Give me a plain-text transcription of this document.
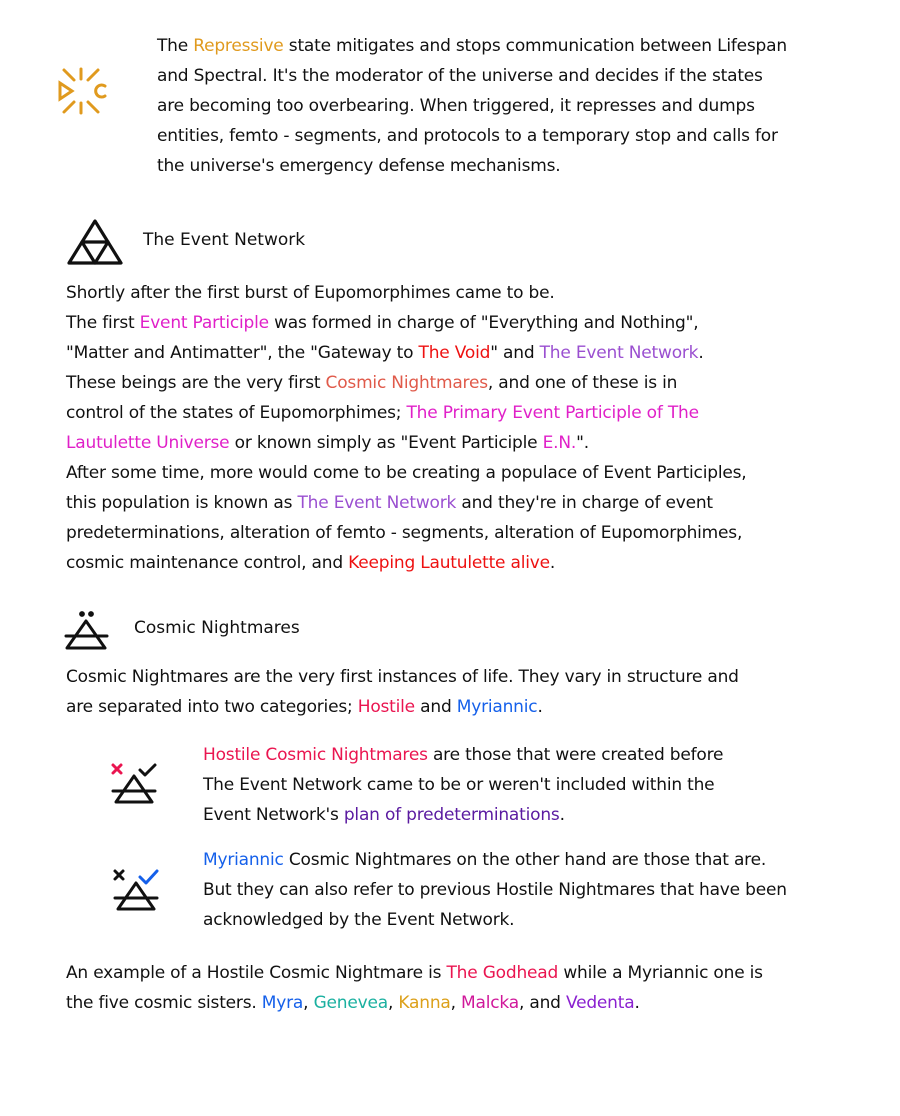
The Repressive state mitigates and stops communication between Lifespan

and Spectral. It's the moderator of the universe and decides if the states

are becoming too overbearing. When triggered, it represses and dumps

entities, femto - segments, and protocols to a temporary stop and calls for

the universe's emergency defense mechanisms.

The Event Network

Shortly after the first burst of Eupomorphimes came to be.

The first Event Participle was formed in charge of "Everything and Nothing",

"Matter and Antimatter", the "Gateway to The Void" and The Event Network.

These beings are the very first Cosmic Nightmares, and one of these is in

control of the states of Eupomorphimes; The Primary Event Participle of The

Lautulette Universe or known simply as "Event Participle E.N.".

After some time, more would come to be creating a populace of Event Participles,

this population is known as The Event Network and they're in charge of event

predeterminations, alteration of femto - segments, alteration of Eupomorphimes,

cosmic maintenance control, and Keeping Lautulette alive.

Cosmic Nightmares

Cosmic Nightmares are the very first instances of life. They vary in structure and

are separated into two categories; Hostile and Myriannic.

Hostile Cosmic Nightmares are those that were created before

The Event Network came to be or weren't included within the

Event Network's plan of predeterminations.

Myriannic Cosmic Nightmares on the other hand are those that are.

But they can also refer to previous Hostile Nightmares that have been

acknowledged by the Event Network.

An example of a Hostile Cosmic Nightmare is The Godhead while a Myriannic one is

the five cosmic sisters. Myra, Genevea, Kanna, Malcka, and Vedenta.
